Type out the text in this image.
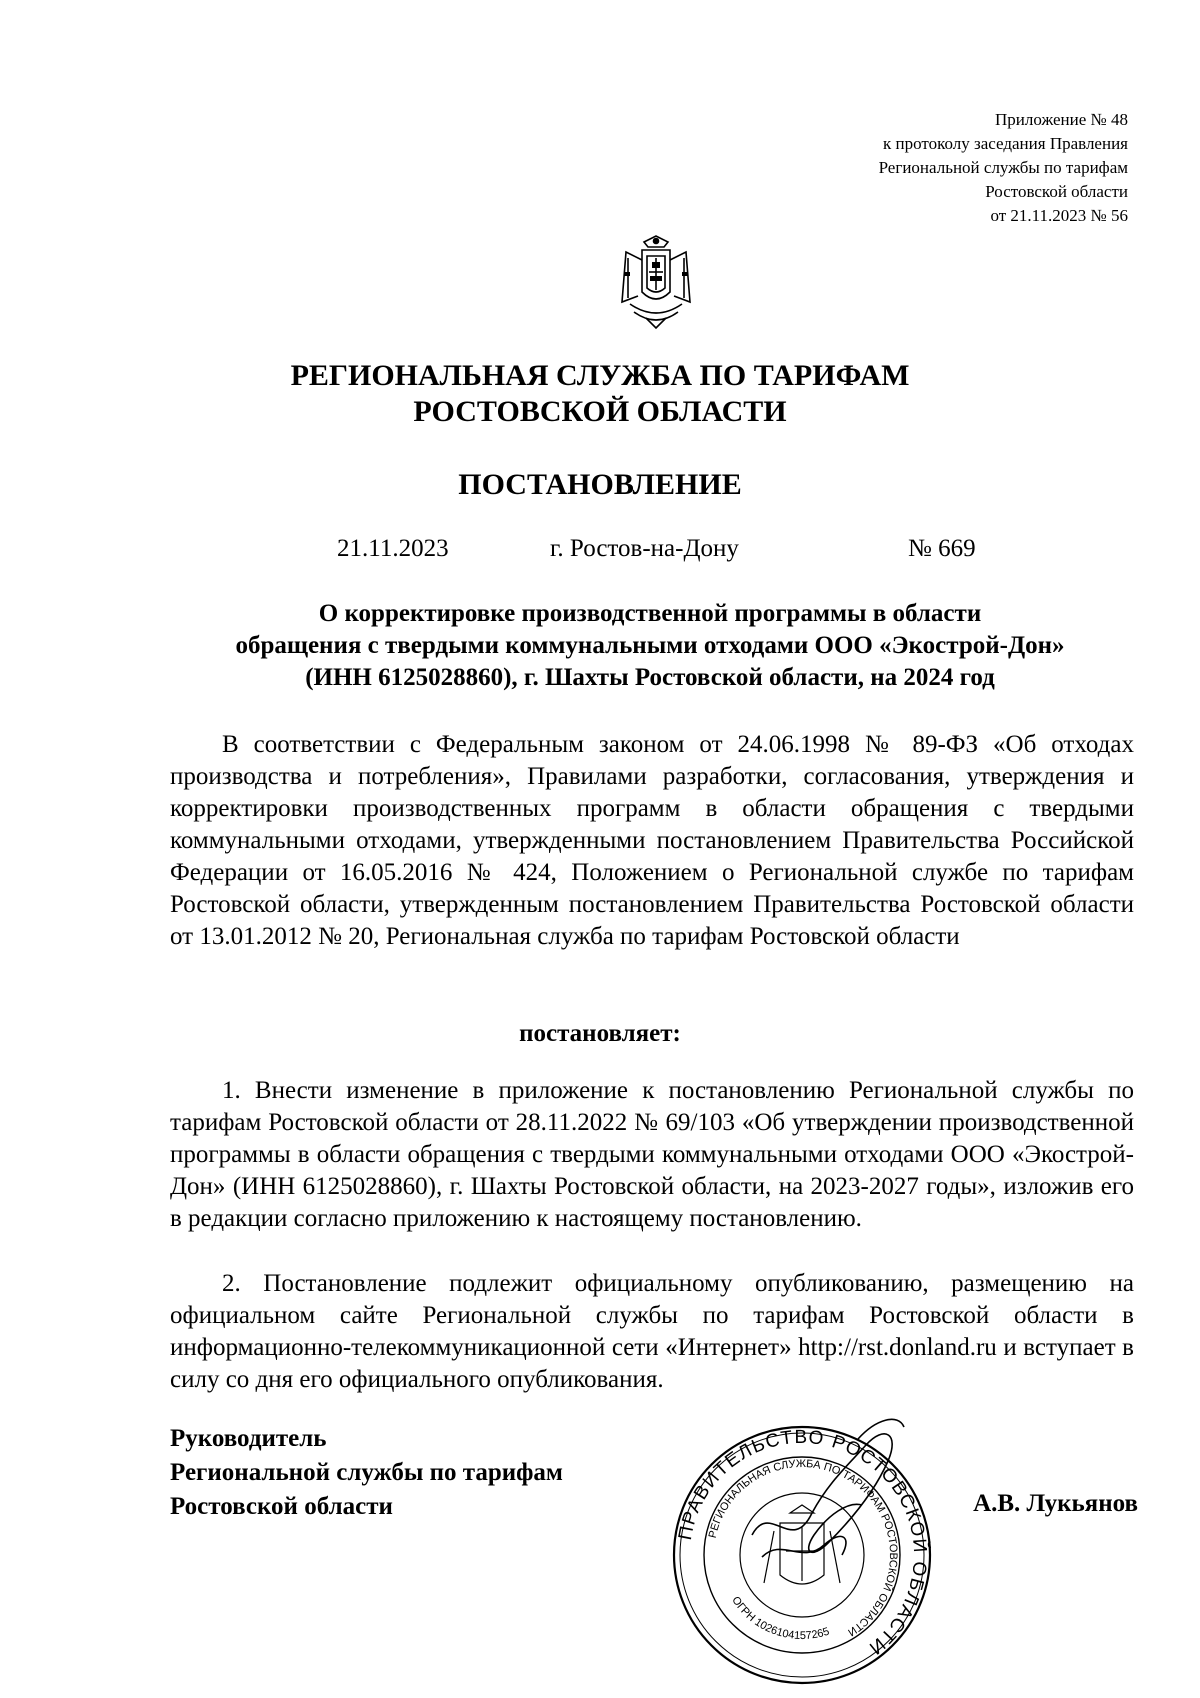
Приложение № 48
к протоколу заседания Правления
Региональной службы по тарифам
Ростовской области
от 21.11.2023 № 56
РЕГИОНАЛЬНАЯ СЛУЖБА ПО ТАРИФАМ
РОСТОВСКОЙ ОБЛАСТИ
ПОСТАНОВЛЕНИЕ
21.11.2023	г. Ростов-на-Дону	№ 669
О корректировке производственной программы в области
обращения с твердыми коммунальными отходами ООО «Экострой-Дон»
(ИНН 6125028860), г. Шахты Ростовской области, на 2024 год

В соответствии с Федеральным законом от 24.06.1998 № 89-ФЗ «Об отходах производства и потребления», Правилами разработки, согласования, утверждения и корректировки производственных программ в области обращения с твердыми коммунальными отходами, утвержденными постановлением Правительства Российской Федерации от 16.05.2016 № 424, Положением о Региональной службе по тарифам Ростовской области, утвержденным постановлением Правительства Ростовской области от 13.01.2012 № 20, Региональная служба по тарифам Ростовской области

постановляет:

1. Внести изменение в приложение к постановлению Региональной службы по тарифам Ростовской области от 28.11.2022 № 69/103 «Об утверждении производственной программы в области обращения с твердыми коммунальными отходами ООО «Экострой-Дон» (ИНН 6125028860), г. Шахты Ростовской области, на 2023-2027 годы», изложив его в редакции согласно приложению к настоящему постановлению.

2. Постановление подлежит официальному опубликованию, размещению на официальном сайте Региональной службы по тарифам Ростовской области в информационно-телекоммуникационной сети «Интернет» http://rst.donland.ru и вступает в силу со дня его официального опубликования.

Руководитель
Региональной службы по тарифам
Ростовской области
ПРАВИТЕЛЬСТВО РОСТОВСКОЙ ОБЛАСТИ
РЕГИОНАЛЬНАЯ СЛУЖБА ПО ТАРИФАМ РОСТОВСКОЙ ОБЛАСТИ
ОГРН 1026104157265
А.В. Лукьянов
